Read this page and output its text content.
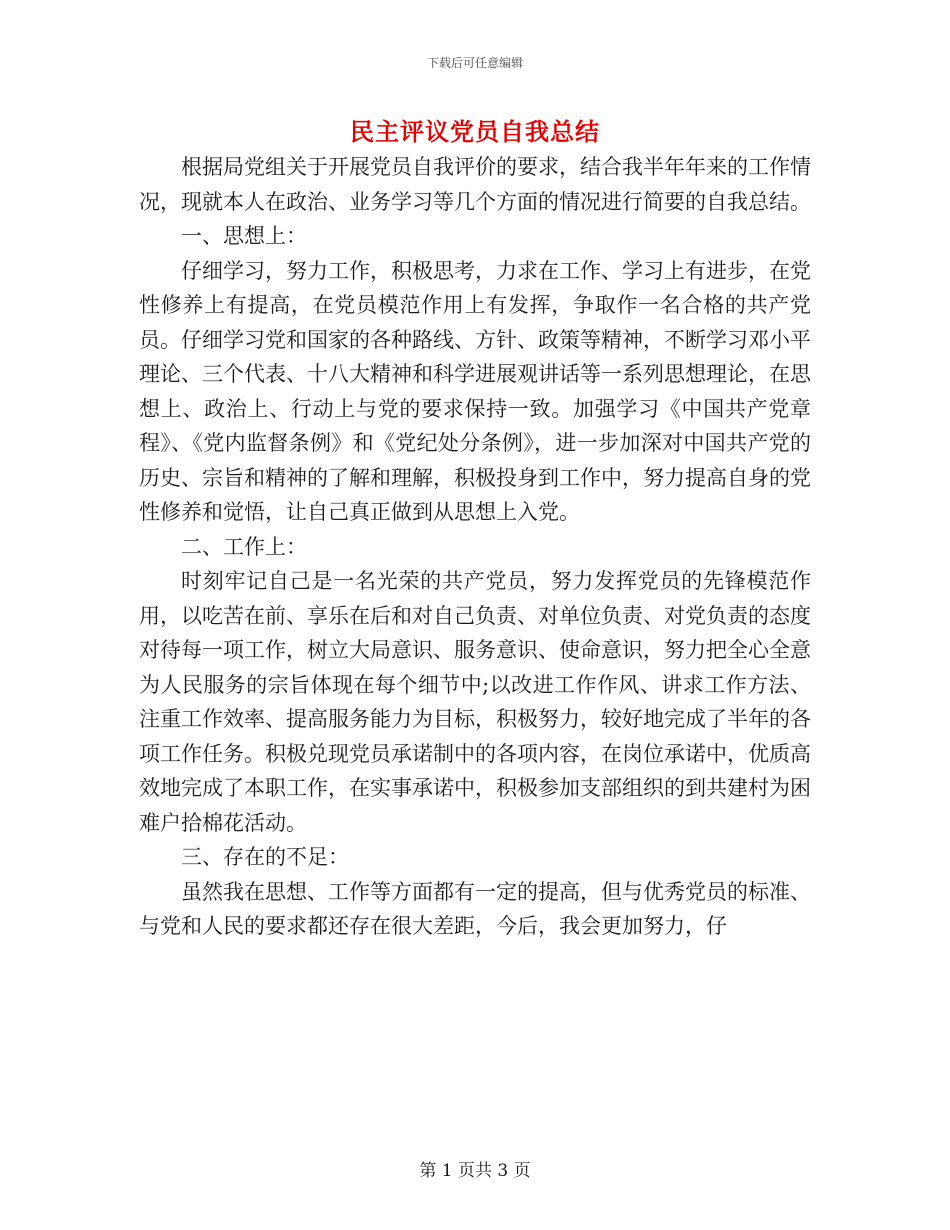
下载后可任意编辑
民主评议党员自我总结

根据局党组关于开展党员自我评价的要求，结合我半年年来的工作情况，现就本人在政治、业务学习等几个方面的情况进行简要的自我总结。

一、思想上：

仔细学习，努力工作，积极思考，力求在工作、学习上有进步，在党性修养上有提高，在党员模范作用上有发挥，争取作一名合格的共产党员。仔细学习党和国家的各种路线、方针、政策等精神，不断学习邓小平理论、三个代表、十八大精神和科学进展观讲话等一系列思想理论，在思想上、政治上、行动上与党的要求保持一致。加强学习《中国共产党章程》、《党内监督条例》和《党纪处分条例》，进一步加深对中国共产党的历史、宗旨和精神的了解和理解，积极投身到工作中，努力提高自身的党性修养和觉悟，让自己真正做到从思想上入党。

二、工作上：

时刻牢记自己是一名光荣的共产党员，努力发挥党员的先锋模范作用，以吃苦在前、享乐在后和对自己负责、对单位负责、对党负责的态度对待每一项工作，树立大局意识、服务意识、使命意识，努力把全心全意为人民服务的宗旨体现在每个细节中;以改进工作作风、讲求工作方法、注重工作效率、提高服务能力为目标，积极努力，较好地完成了半年的各项工作任务。积极兑现党员承诺制中的各项内容，在岗位承诺中，优质高效地完成了本职工作，在实事承诺中，积极参加支部组织的到共建村为困难户拾棉花活动。

三、存在的不足：

虽然我在思想、工作等方面都有一定的提高，但与优秀党员的标准、与党和人民的要求都还存在很大差距，今后，我会更加努力，仔

第 1 页共 3 页
